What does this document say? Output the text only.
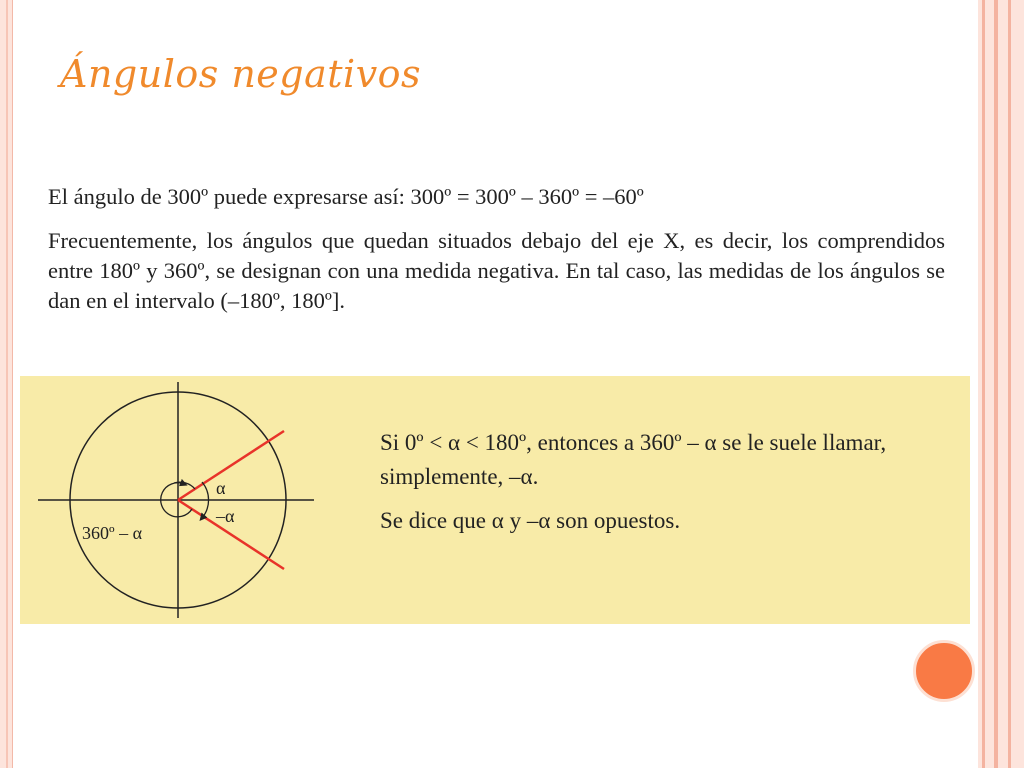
Ángulos negativos

El ángulo de 300º puede expresarse así: 300º = 300º – 360º = –60º

Frecuentemente, los ángulos que quedan situados debajo del eje X, es decir, los comprendidos entre 180º y 360º, se designan con una medida negativa. En tal caso, las medidas de los ángulos se dan en el intervalo (–180º, 180º].

α
–α
360º – α

Si 0º < α < 180º, entonces a 360º – α se le suele llamar, simplemente, –α.

Se dice que α y –α son opuestos.
